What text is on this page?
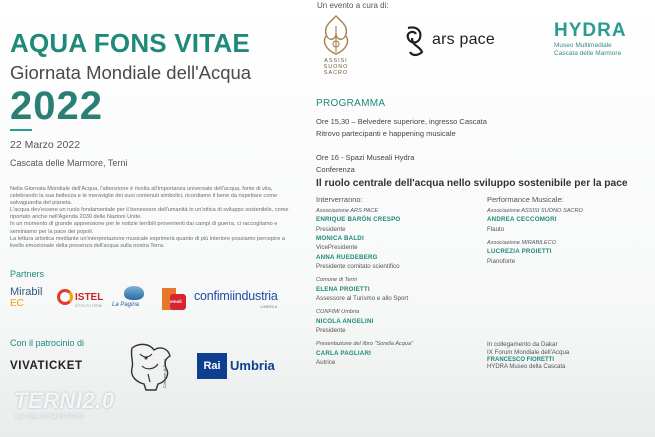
AQUA FONS VITAE
Giornata Mondiale dell'Acqua
2022
22 Marzo 2022
Cascata delle Marmore, Terni

Nella Giornata Mondiale dell'Acqua, l'attenzione è rivolta all'importanza universale dell'acqua, fonte di vita, celebrando la sua bellezza e le meraviglie dei suoi contenuti simbolici, ricordiamo il bene da rispettare come salvaguardia del pianeta.

L'acqua dev'essere un ruolo fondamentale per il benessere dell'umanità in un'ottica di sviluppo sostenibile, come riportato anche nell'Agenda 2030 delle Nazioni Unite.

In un momento di grande apprensione per le notizie terribili provenienti dai campi di guerra, ci raccogliamo e seminiamo per la pace dei popoli.

La lettura artistica mediante un'interpretazione musicale esprimerà quanto di più interiore possiamo percepire a livello emozionale della presenza dell'acqua sulla nostra Terra.

Partners
Mirabil
EC
ISTEL
ISTITUTO TERNI La Pagina
emoli confimiindustria
UMBRIA
Con il patrocinio di
VIVATICKET	Comune di Terni	Rai Umbria
TERNI2.0
LA TUA CITTÀ IN FOTO
Un evento a cura di:
ASSISI SUONO SACRO
ars pace	HYDRA
Museo Multimediale
Cascata delle Marmore
PROGRAMMA
Ore 15,30 – Belvedere superiore, ingresso Cascata
Ritrovo partecipanti e happening musicale
Ore 16 - Spazi Museali Hydra
Conferenza
Il ruolo centrale dell'acqua nello sviluppo sostenibile per la pace
Interverranno:	Performance Musicale:
Associazione ARS PACE
ENRIQUE BARÓN CRESPO
Presidente
MONICA BALDI
VicePresidente
ANNA RUEDEBERG
Presidente comitato scientifico
Comune di Terni
ELENA PROIETTI
Assessore al Turismo e allo Sport
CONFIMI Umbria
NICOLA ANGELINI
Presidente
Presentazione del libro "Sorella Acqua"
CARLA PAGLIARI
Autrice
Associazione ASSISI SUONO SACRO
ANDREA CECCOMORI
Flauto
Associazione MIRABILECO
LUCREZIA PROIETTI
Pianoforte
In collegamento da Dakar
IX Forum Mondiale dell'Acqua
FRANCESCO FIORETTI
HYDRA Museo della Cascata
